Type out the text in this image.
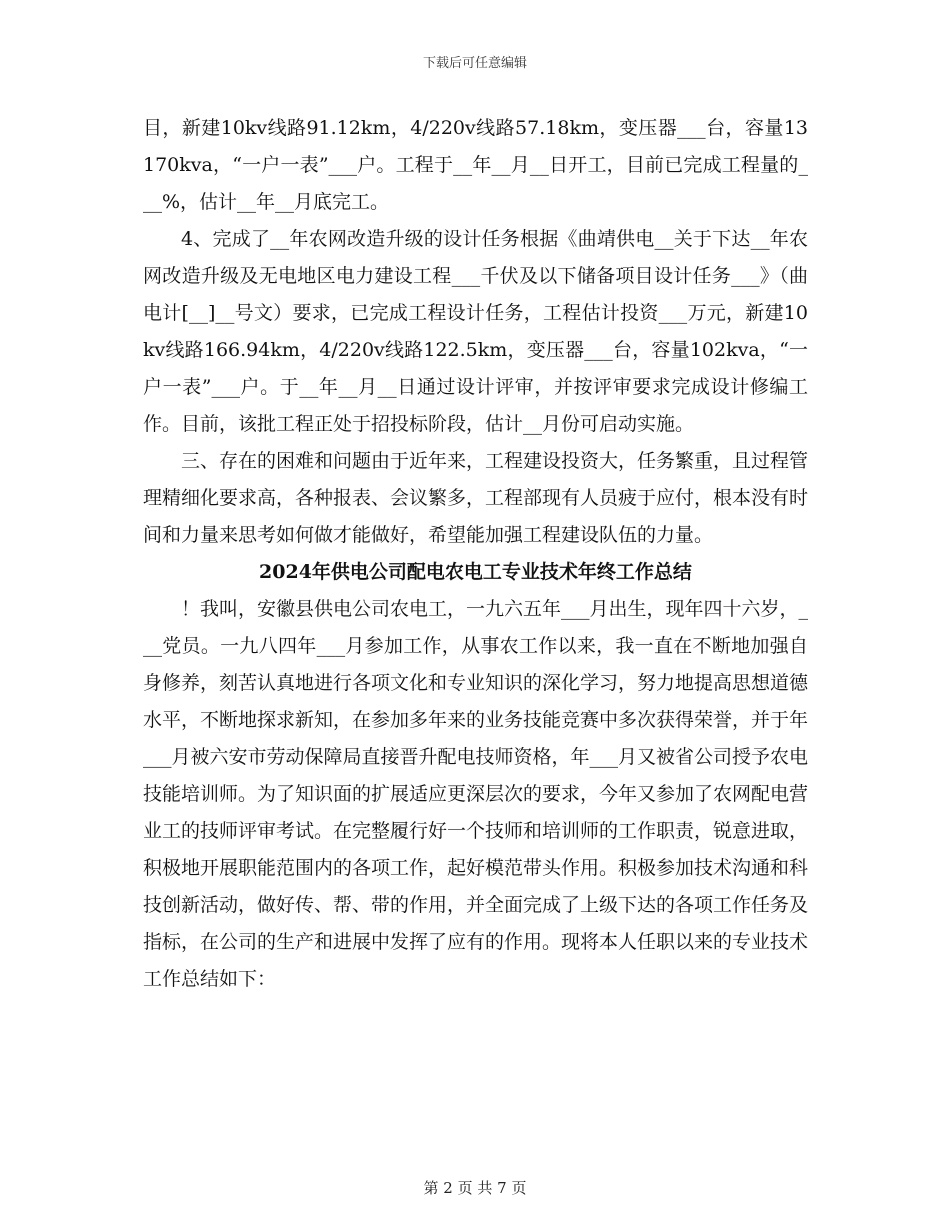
下载后可任意编辑

目，新建10kv线路91.12km，4/220v线路57.18km，变压器___台，容量13170kva，“一户一表”___户。工程于__年__月__日开工，目前已完成工程量的___%，估计__年__月底完工。

4、完成了__年农网改造升级的设计任务根据《曲靖供电__关于下达__年农网改造升级及无电地区电力建设工程___千伏及以下储备项目设计任务___》（曲电计[__]__号文）要求，已完成工程设计任务，工程估计投资___万元，新建10kv线路166.94km，4/220v线路122.5km，变压器___台，容量102kva，“一户一表”___户。于__年__月__日通过设计评审，并按评审要求完成设计修编工作。目前，该批工程正处于招投标阶段，估计__月份可启动实施。

三、存在的困难和问题由于近年来，工程建设投资大，任务繁重，且过程管理精细化要求高，各种报表、会议繁多，工程部现有人员疲于应付，根本没有时间和力量来思考如何做才能做好，希望能加强工程建设队伍的力量。

2024年供电公司配电农电工专业技术年终工作总结

！我叫，安徽县供电公司农电工，一九六五年___月出生，现年四十六岁，___党员。一九八四年___月参加工作，从事农工作以来，我一直在不断地加强自身修养，刻苦认真地进行各项文化和专业知识的深化学习，努力地提高思想道德水平，不断地探求新知，在参加多年来的业务技能竞赛中多次获得荣誉，并于年___月被六安市劳动保障局直接晋升配电技师资格，年___月又被省公司授予农电技能培训师。为了知识面的扩展适应更深层次的要求，今年又参加了农网配电营业工的技师评审考试。在完整履行好一个技师和培训师的工作职责，锐意进取，积极地开展职能范围内的各项工作，起好模范带头作用。积极参加技术沟通和科技创新活动，做好传、帮、带的作用，并全面完成了上级下达的各项工作任务及指标，在公司的生产和进展中发挥了应有的作用。现将本人任职以来的专业技术工作总结如下：

第 2 页 共 7 页
